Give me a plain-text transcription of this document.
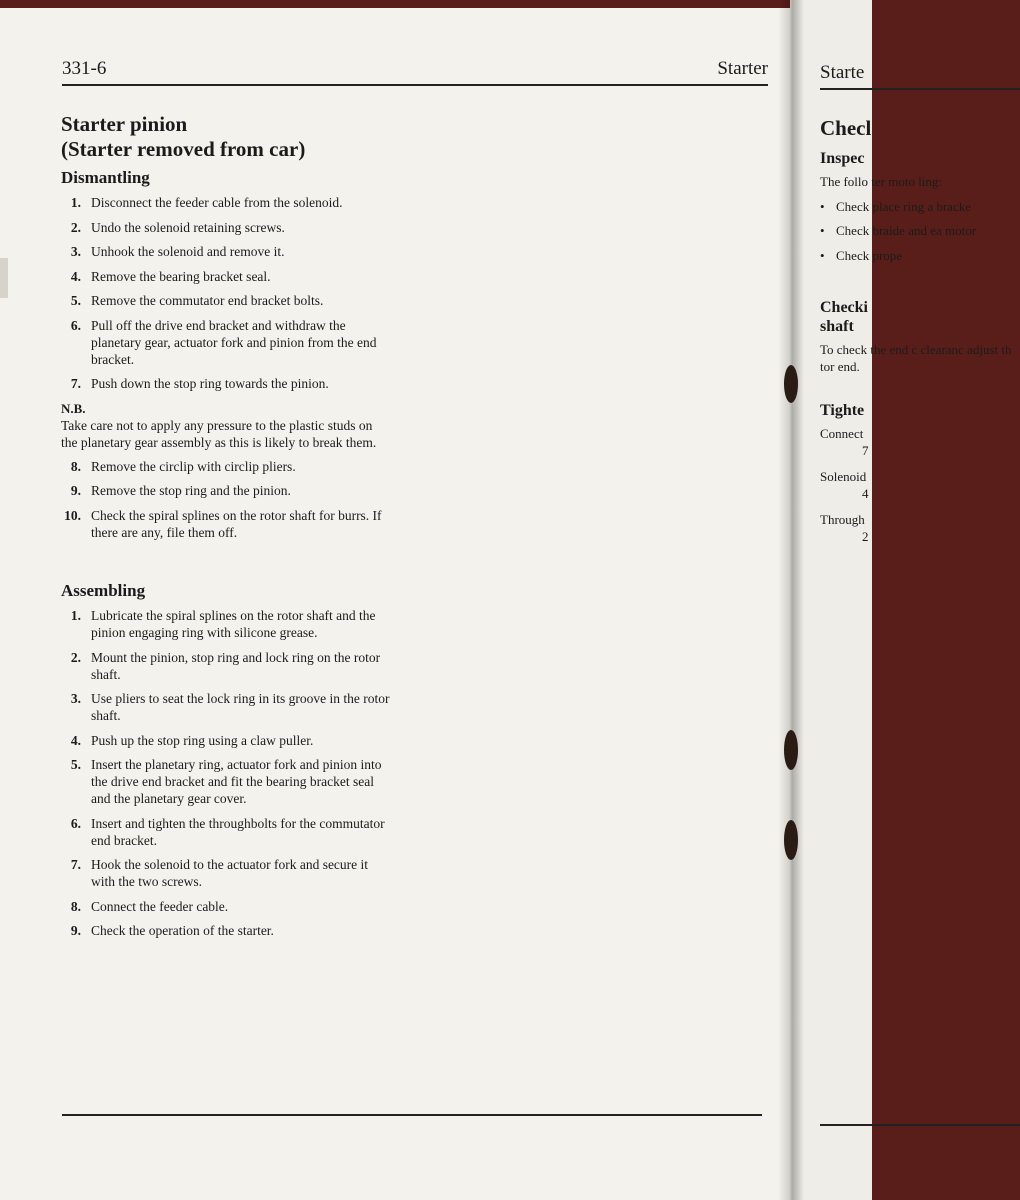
331-6	Starter
Starter pinion
(Starter removed from car)
Dismantling
1. Disconnect the feeder cable from the solenoid.
2. Undo the solenoid retaining screws.
3. Unhook the solenoid and remove it.
4. Remove the bearing bracket seal.
5. Remove the commutator end bracket bolts.
6. Pull off the drive end bracket and withdraw the planetary gear, actuator fork and pinion from the end bracket.
7. Push down the stop ring towards the pinion.

N.B.

Take care not to apply any pressure to the plastic studs on the planetary gear assembly as this is likely to break them.

8. Remove the circlip with circlip pliers.
9. Remove the stop ring and the pinion.
10. Check the spiral splines on the rotor shaft for burrs. If there are any, file them off.
Assembling
1. Lubricate the spiral splines on the rotor shaft and the pinion engaging ring with silicone grease.
2. Mount the pinion, stop ring and lock ring on the rotor shaft.
3. Use pliers to seat the lock ring in its groove in the rotor shaft.
4. Push up the stop ring using a claw puller.
5. Insert the planetary ring, actuator fork and pinion into the drive end bracket and fit the bearing bracket seal and the planetary gear cover.
6. Insert and tighten the throughbolts for the commutator end bracket.
7. Hook the solenoid to the actuator fork and secure it with the two screws.
8. Connect the feeder cable.
9. Check the operation of the starter.
Starte
Checl
Inspec

The follo ter moto ling:

• Check place ring a bracke
• Check braide and ea motor
• Check prope
Checki
shaft

To check the end c clearanc adjust th tor end.

Tighte
Connect
7
Solenoid
4
Through
2
